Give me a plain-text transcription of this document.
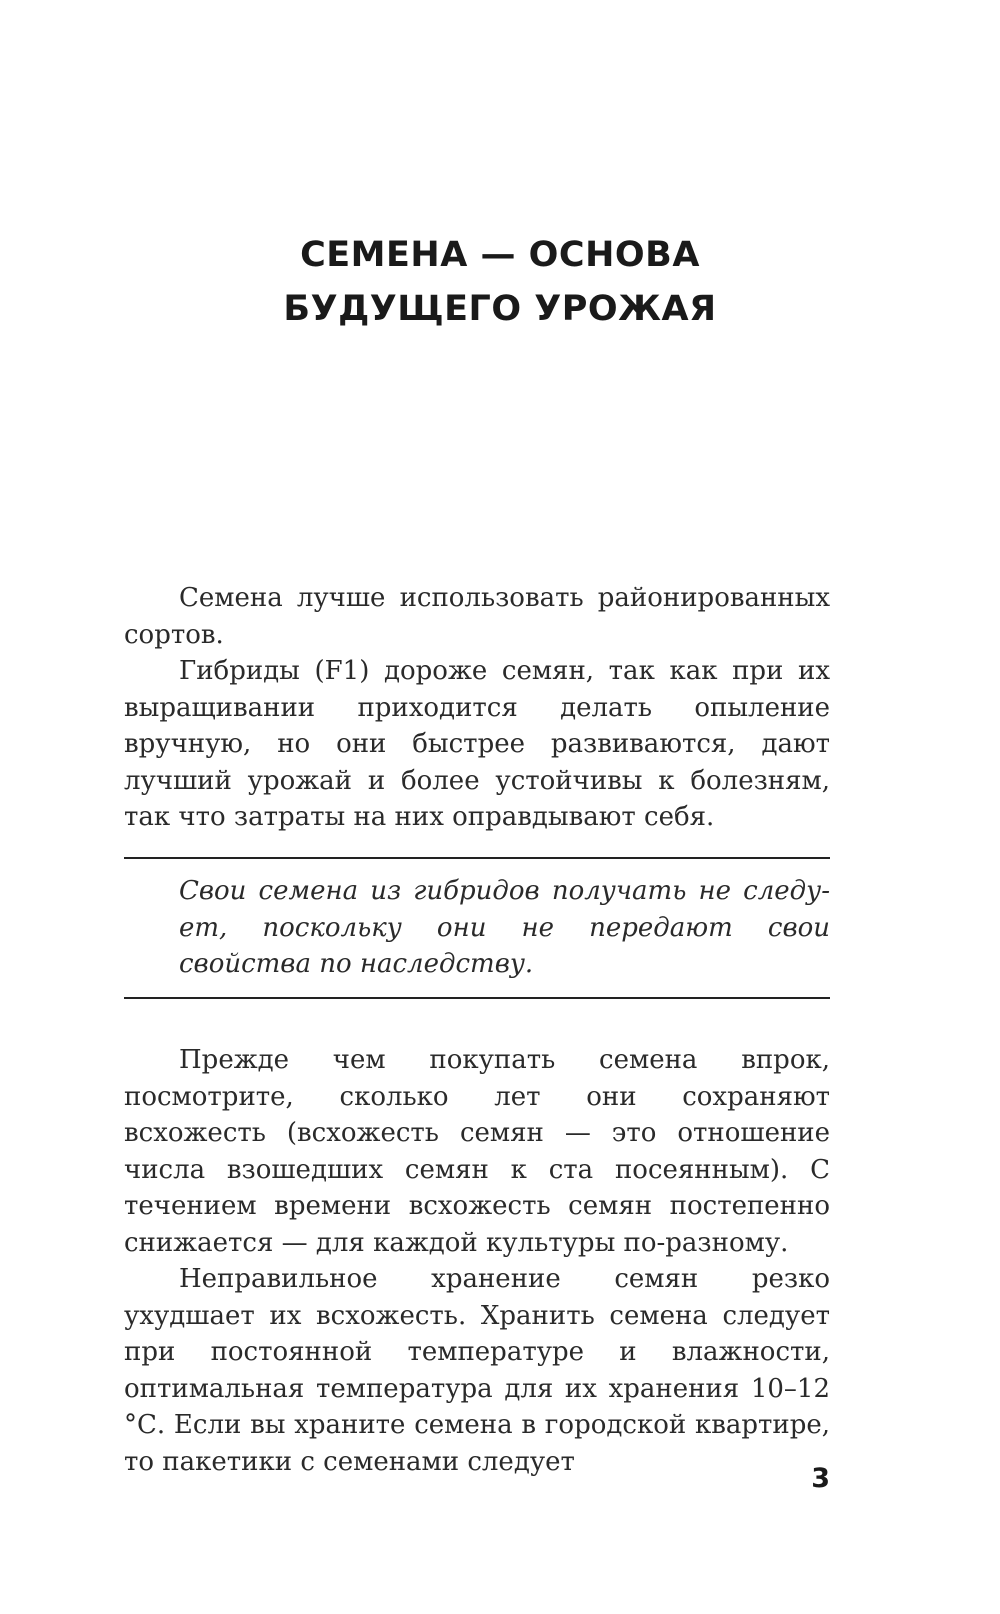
СЕМЕНА — ОСНОВА
БУДУЩЕГО УРОЖАЯ

Семена лучше использовать районированных сортов.

Гибриды (F1) дороже семян, так как при их выращивании приходится делать опыление вручную, но они быстрее развиваются, дают лучший урожай и более устойчивы к болезням, так что затраты на них оправдывают себя.

Свои семена из гибридов получать не следует, поскольку они не передают свои свойства по наследству.

Прежде чем покупать семена впрок, посмотрите, сколько лет они сохраняют всхожесть (всхожесть семян — это отношение числа взошедших семян к ста посеянным). С течением времени всхожесть семян постепенно снижается — для каждой культуры по-разному.

Неправильное хранение семян резко ухудшает их всхожесть. Хранить семена следует при постоянной температуре и влажности, оптимальная температура для их хранения 10–12 °С. Если вы храните семена в городской квартире, то пакетики с семенами следует

3
